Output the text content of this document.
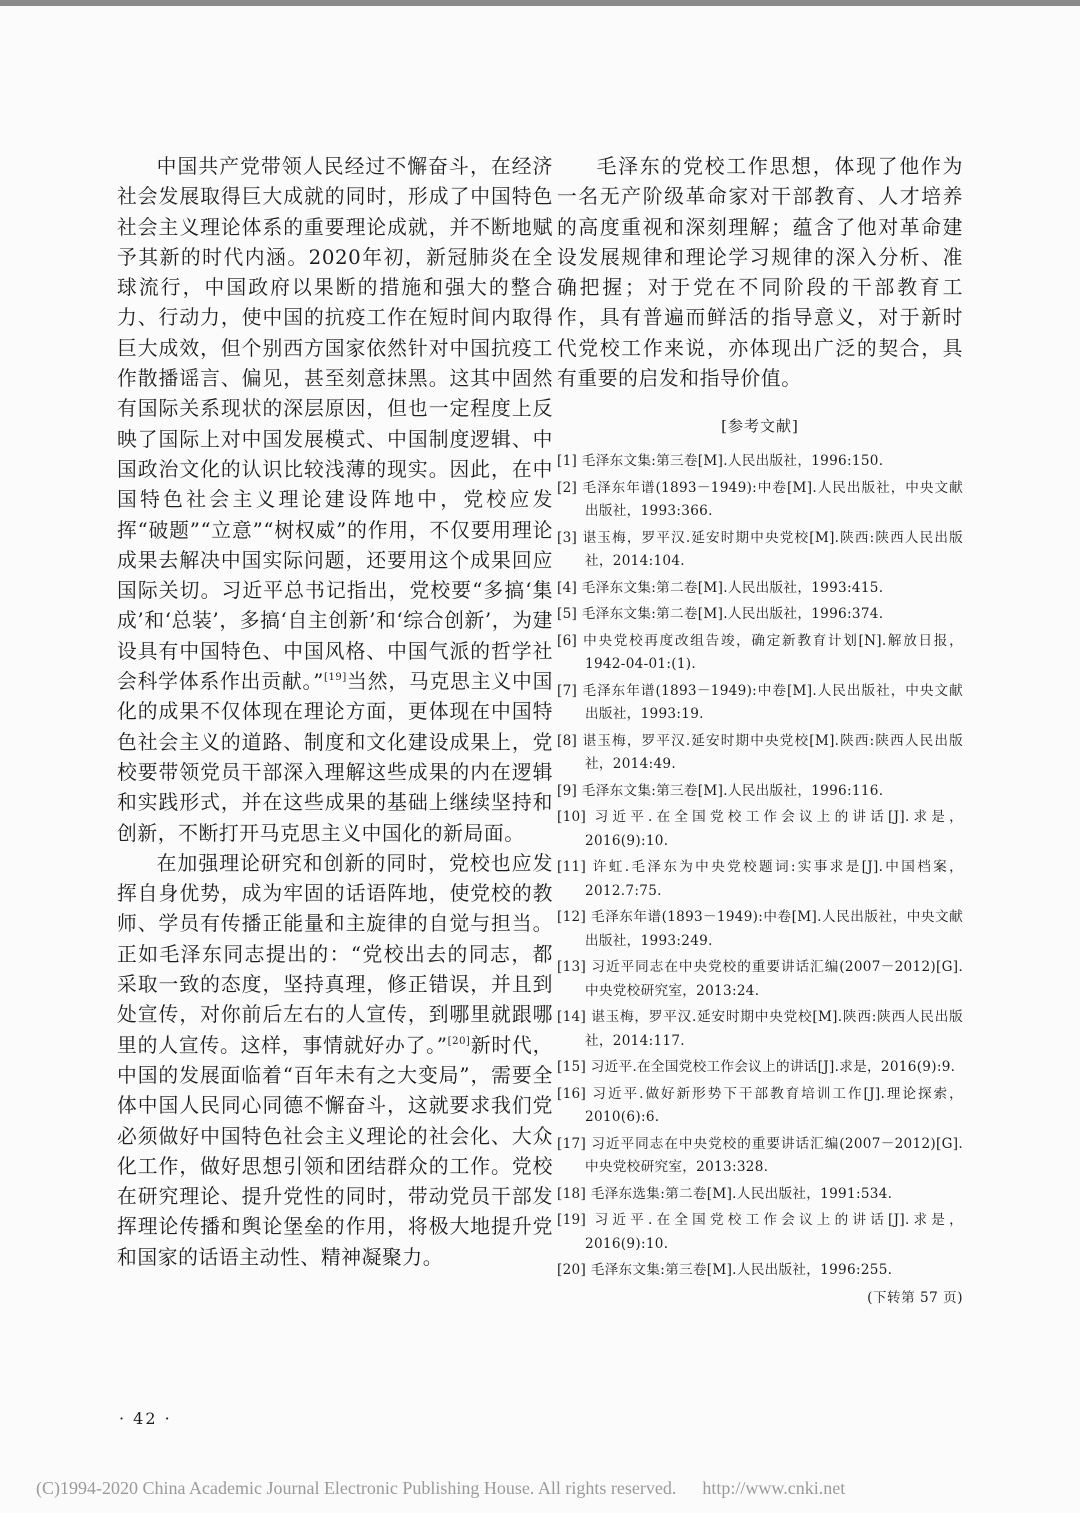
中国共产党带领人民经过不懈奋斗，在经济社会发展取得巨大成就的同时，形成了中国特色社会主义理论体系的重要理论成就，并不断地赋予其新的时代内涵。2020年初，新冠肺炎在全球流行，中国政府以果断的措施和强大的整合力、行动力，使中国的抗疫工作在短时间内取得巨大成效，但个别西方国家依然针对中国抗疫工作散播谣言、偏见，甚至刻意抹黑。这其中固然有国际关系现状的深层原因，但也一定程度上反映了国际上对中国发展模式、中国制度逻辑、中国政治文化的认识比较浅薄的现实。因此，在中国特色社会主义理论建设阵地中，党校应发挥“破题”“立意”“树权威”的作用，不仅要用理论成果去解决中国实际问题，还要用这个成果回应国际关切。习近平总书记指出，党校要“多搞‘集成’和‘总装’，多搞‘自主创新’和‘综合创新’，为建设具有中国特色、中国风格、中国气派的哲学社会科学体系作出贡献。”[19]当然，马克思主义中国化的成果不仅体现在理论方面，更体现在中国特色社会主义的道路、制度和文化建设成果上，党校要带领党员干部深入理解这些成果的内在逻辑和实践形式，并在这些成果的基础上继续坚持和创新，不断打开马克思主义中国化的新局面。

在加强理论研究和创新的同时，党校也应发挥自身优势，成为牢固的话语阵地，使党校的教师、学员有传播正能量和主旋律的自觉与担当。正如毛泽东同志提出的：“党校出去的同志，都采取一致的态度，坚持真理，修正错误，并且到处宣传，对你前后左右的人宣传，到哪里就跟哪里的人宣传。这样，事情就好办了。”[20]新时代，中国的发展面临着“百年未有之大变局”，需要全体中国人民同心同德不懈奋斗，这就要求我们党必须做好中国特色社会主义理论的社会化、大众化工作，做好思想引领和团结群众的工作。党校在研究理论、提升党性的同时，带动党员干部发挥理论传播和舆论堡垒的作用，将极大地提升党和国家的话语主动性、精神凝聚力。

毛泽东的党校工作思想，体现了他作为一名无产阶级革命家对干部教育、人才培养的高度重视和深刻理解；蕴含了他对革命建设发展规律和理论学习规律的深入分析、准确把握；对于党在不同阶段的干部教育工作，具有普遍而鲜活的指导意义，对于新时代党校工作来说，亦体现出广泛的契合，具有重要的启发和指导价值。

[参考文献]
[1] 毛泽东文集:第三卷[M].人民出版社，1996:150.
[2] 毛泽东年谱(1893－1949):中卷[M].人民出版社，中央文献出版社，1993:366.
[3] 谌玉梅，罗平汉.延安时期中央党校[M].陕西:陕西人民出版社，2014:104.
[4] 毛泽东文集:第二卷[M].人民出版社，1993:415.
[5] 毛泽东文集:第二卷[M].人民出版社，1996:374.
[6] 中央党校再度改组告竣，确定新教育计划[N].解放日报，1942-04-01:(1).
[7] 毛泽东年谱(1893－1949):中卷[M].人民出版社，中央文献出版社，1993:19.
[8] 谌玉梅，罗平汉.延安时期中央党校[M].陕西:陕西人民出版社，2014:49.
[9] 毛泽东文集:第三卷[M].人民出版社，1996:116.
[10] 习近平.在全国党校工作会议上的讲话[J].求是，2016(9):10.
[11] 许虹.毛泽东为中央党校题词:实事求是[J].中国档案，2012.7:75.
[12] 毛泽东年谱(1893－1949):中卷[M].人民出版社，中央文献出版社，1993:249.
[13] 习近平同志在中央党校的重要讲话汇编(2007－2012)[G].中央党校研究室，2013:24.
[14] 谌玉梅，罗平汉.延安时期中央党校[M].陕西:陕西人民出版社，2014:117.
[15] 习近平.在全国党校工作会议上的讲话[J].求是，2016(9):9.
[16] 习近平.做好新形势下干部教育培训工作[J].理论探索，2010(6):6.
[17] 习近平同志在中央党校的重要讲话汇编(2007－2012)[G].中央党校研究室，2013:328.
[18] 毛泽东选集:第二卷[M].人民出版社，1991:534.
[19] 习近平.在全国党校工作会议上的讲话[J].求是，2016(9):10.
[20] 毛泽东文集:第三卷[M].人民出版社，1996:255.
(下转第 57 页)
· 42 ·
(C)1994-2020 China Academic Journal Electronic Publishing House. All rights reserved. http://www.cnki.net
